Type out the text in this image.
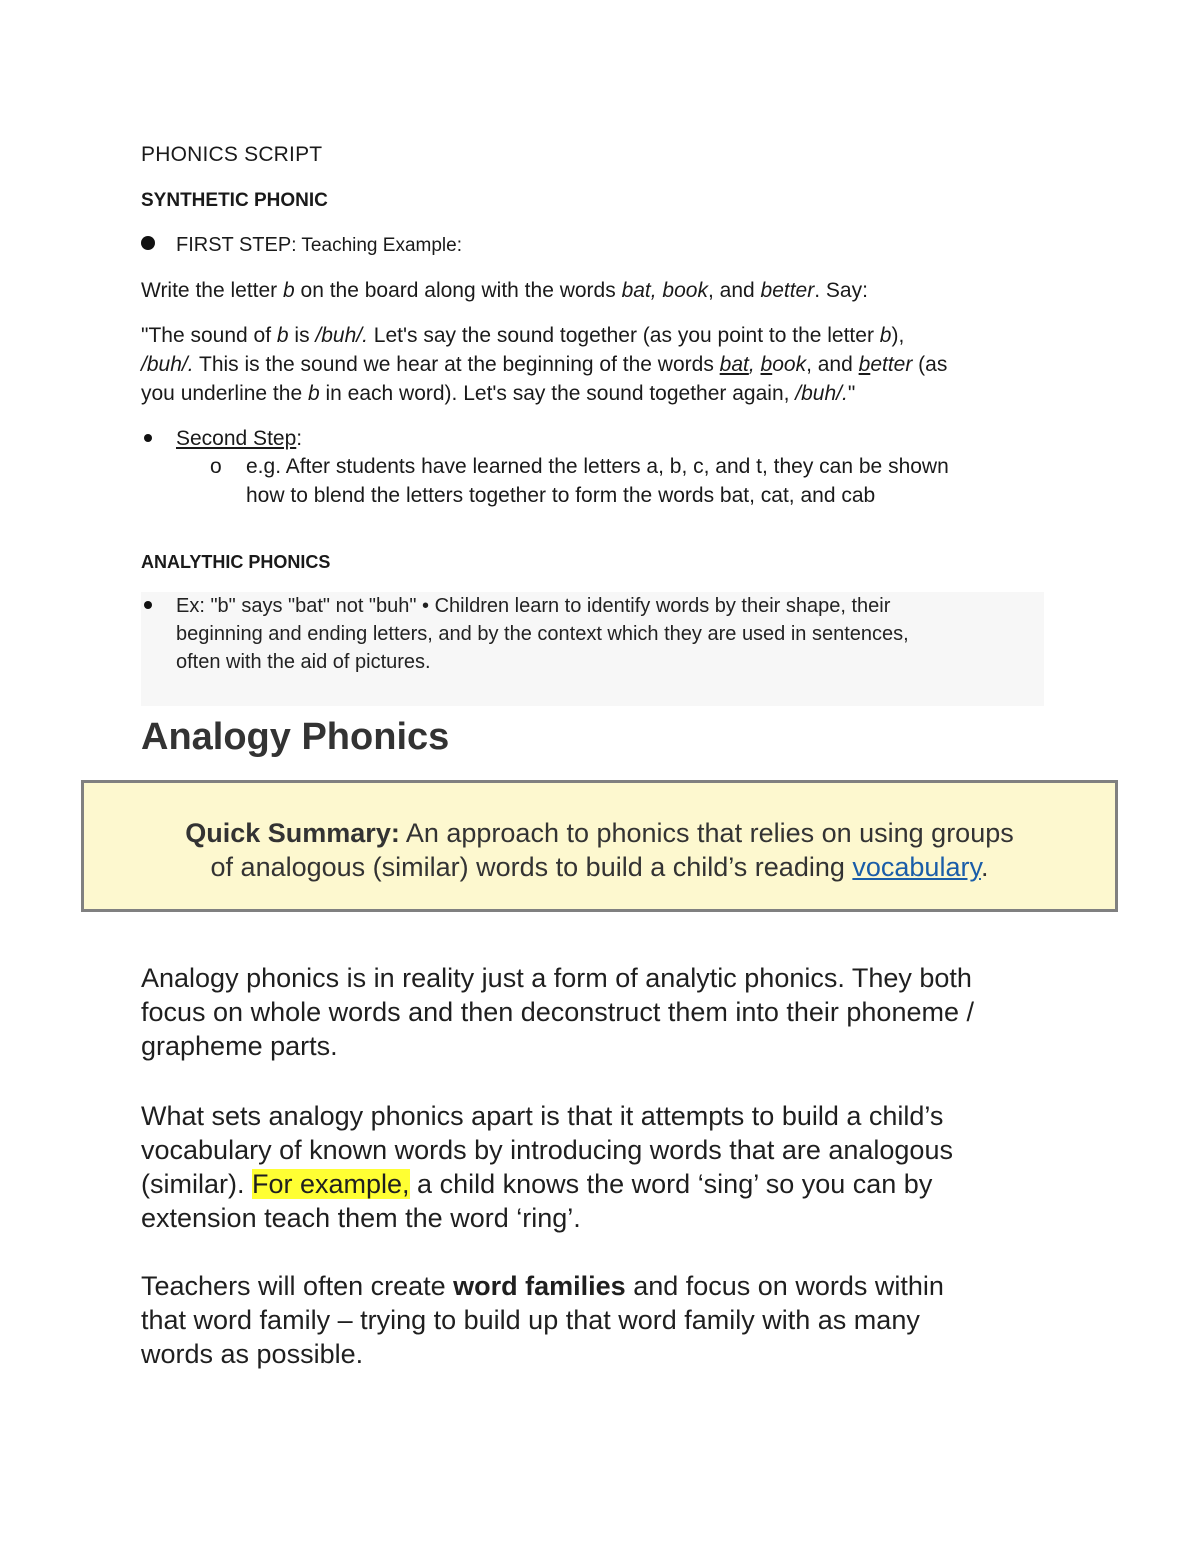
PHONICS SCRIPT
SYNTHETIC PHONIC
FIRST STEP: Teaching Example:
Write the letter b on the board along with the words bat, book, and better. Say:
"The sound of b is /buh/. Let's say the sound together (as you point to the letter b),
/buh/. This is the sound we hear at the beginning of the words bat, book, and better (as
you underline the b in each word). Let's say the sound together again, /buh/."
Second Step:
o e.g. After students have learned the letters a, b, c, and t, they can be shown
how to blend the letters together to form the words bat, cat, and cab
ANALYTHIC PHONICS
Ex: "b" says "bat" not "buh" • Children learn to identify words by their shape, their
beginning and ending letters, and by the context which they are used in sentences,
often with the aid of pictures.
Analogy Phonics
Quick Summary: An approach to phonics that relies on using groups
of analogous (similar) words to build a child’s reading vocabulary.
Analogy phonics is in reality just a form of analytic phonics. They both
focus on whole words and then deconstruct them into their phoneme /
grapheme parts.
What sets analogy phonics apart is that it attempts to build a child’s
vocabulary of known words by introducing words that are analogous
(similar). For example, a child knows the word ‘sing’ so you can by
extension teach them the word ‘ring’.
Teachers will often create word families and focus on words within
that word family – trying to build up that word family with as many
words as possible.
